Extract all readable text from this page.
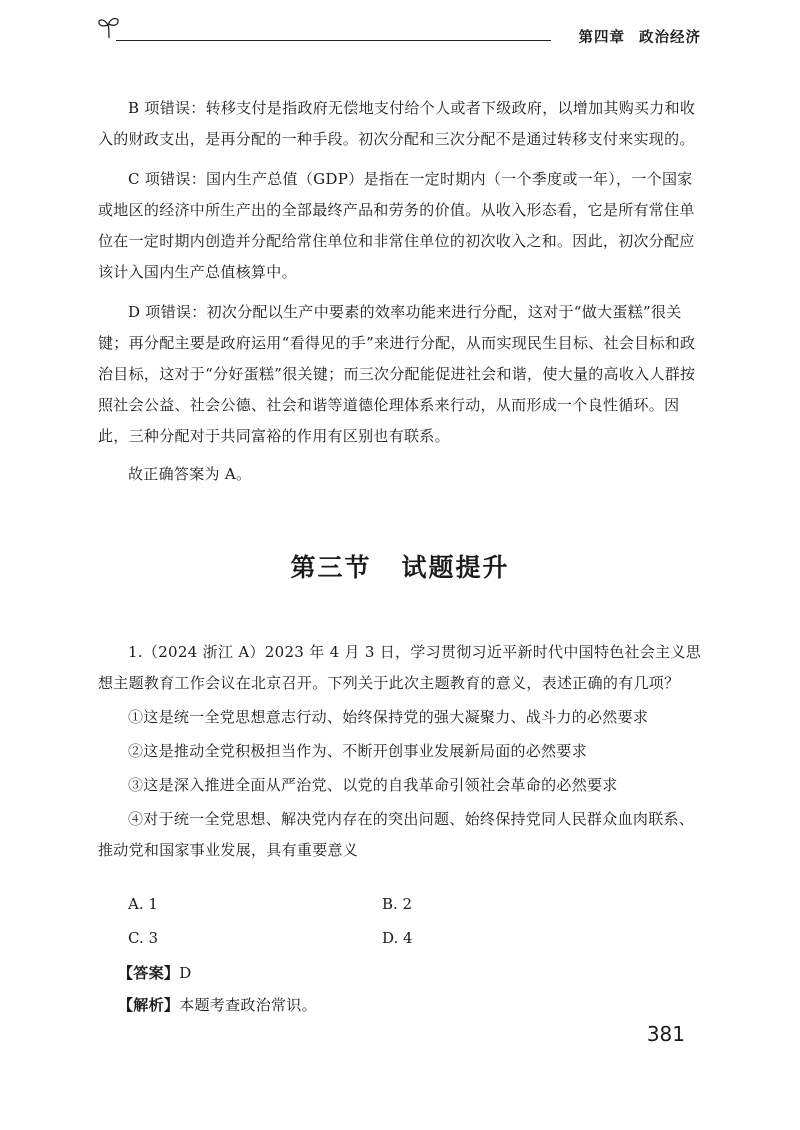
第四章 政治经济

B 项错误：转移支付是指政府无偿地支付给个人或者下级政府，以增加其购买力和收入的财政支出，是再分配的一种手段。初次分配和三次分配不是通过转移支付来实现的。

C 项错误：国内生产总值（GDP）是指在一定时期内（一个季度或一年），一个国家或地区的经济中所生产出的全部最终产品和劳务的价值。从收入形态看，它是所有常住单位在一定时期内创造并分配给常住单位和非常住单位的初次收入之和。因此，初次分配应该计入国内生产总值核算中。

D 项错误：初次分配以生产中要素的效率功能来进行分配，这对于“做大蛋糕”很关键；再分配主要是政府运用“看得见的手”来进行分配，从而实现民生目标、社会目标和政治目标，这对于“分好蛋糕”很关键；而三次分配能促进社会和谐，使大量的高收入人群按照社会公益、社会公德、社会和谐等道德伦理体系来行动，从而形成一个良性循环。因此，三种分配对于共同富裕的作用有区别也有联系。

故正确答案为 A。

第三节 试题提升

1.（2024 浙江 A）2023 年 4 月 3 日，学习贯彻习近平新时代中国特色社会主义思想主题教育工作会议在北京召开。下列关于此次主题教育的意义，表述正确的有几项？

①这是统一全党思想意志行动、始终保持党的强大凝聚力、战斗力的必然要求

②这是推动全党积极担当作为、不断开创事业发展新局面的必然要求

③这是深入推进全面从严治党、以党的自我革命引领社会革命的必然要求

④对于统一全党思想、解决党内存在的突出问题、始终保持党同人民群众血肉联系、推动党和国家事业发展，具有重要意义

A. 1	B. 2
C. 3	D. 4
【答案】D
【解析】本题考查政治常识。
381
